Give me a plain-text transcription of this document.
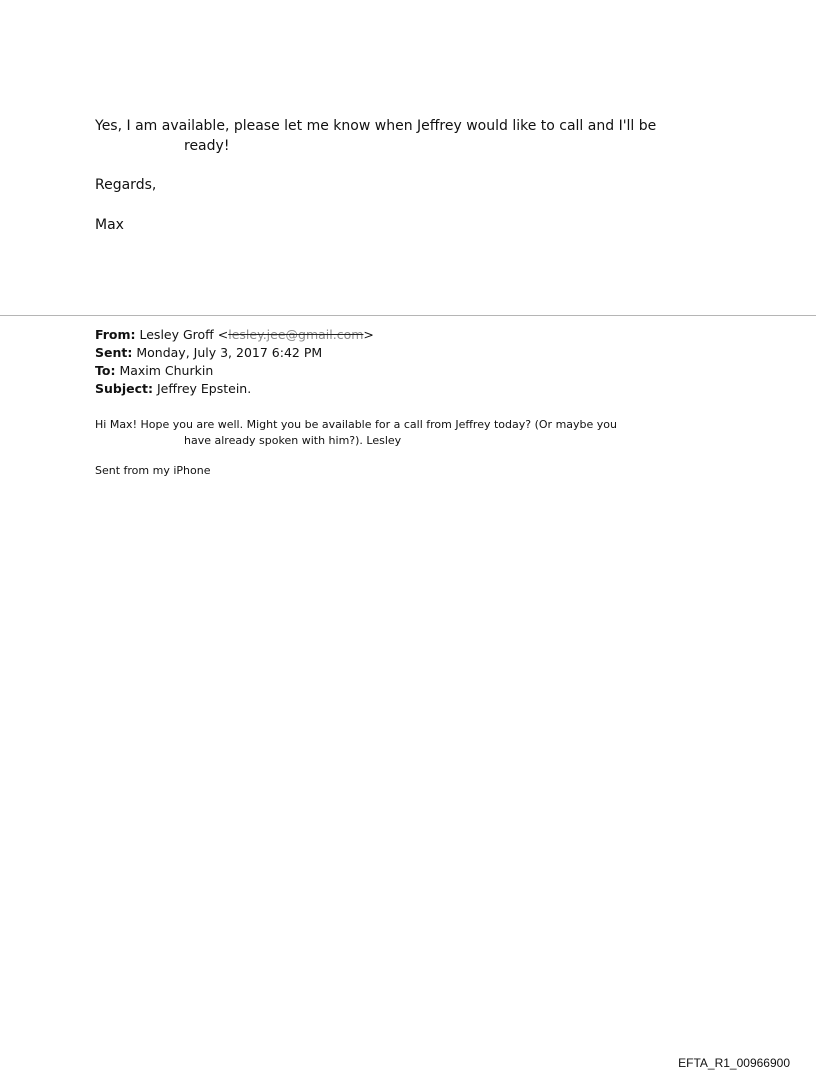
Yes, I am available, please let me know when Jeffrey would like to call and I'll be

ready!

Regards,

Max

From: Lesley Groff <lesley.jee@gmail.com>
Sent: Monday, July 3, 2017 6:42 PM
To: Maxim Churkin
Subject: Jeffrey Epstein.
Hi Max! Hope you are well. Might you be available for a call from Jeffrey today? (Or maybe you
have already spoken with him?). Lesley
Sent from my iPhone
EFTA_R1_00966900
